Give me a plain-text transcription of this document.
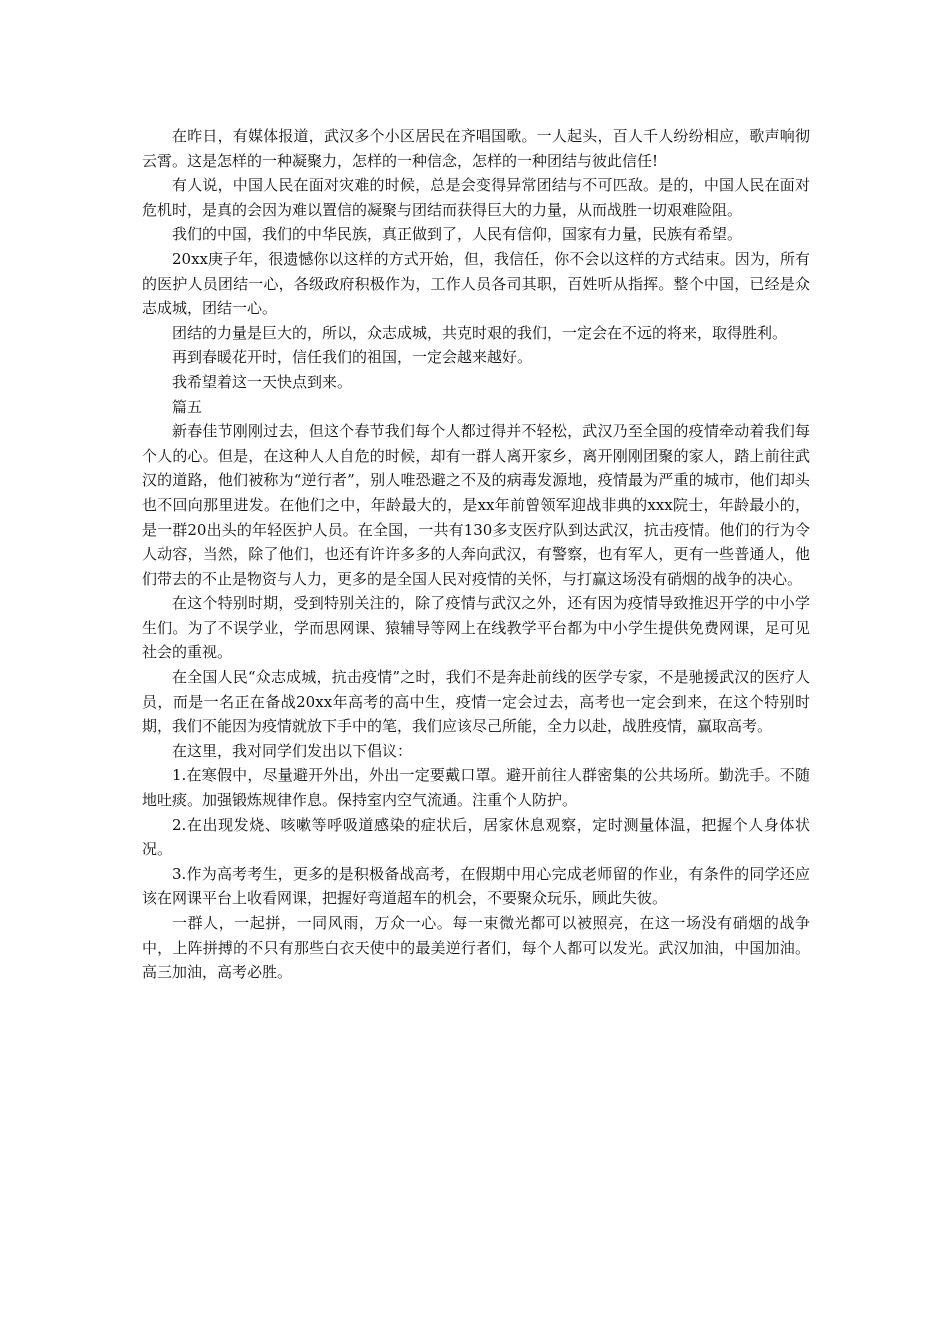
在昨日，有媒体报道，武汉多个小区居民在齐唱国歌。一人起头，百人千人纷纷相应，歌声响彻云霄。这是怎样的一种凝聚力，怎样的一种信念，怎样的一种团结与彼此信任!

有人说，中国人民在面对灾难的时候，总是会变得异常团结与不可匹敌。是的，中国人民在面对危机时，是真的会因为难以置信的凝聚与团结而获得巨大的力量，从而战胜一切艰难险阻。

我们的中国，我们的中华民族，真正做到了，人民有信仰，国家有力量，民族有希望。

20xx庚子年，很遗憾你以这样的方式开始，但，我信任，你不会以这样的方式结束。因为，所有的医护人员团结一心，各级政府积极作为，工作人员各司其职，百姓听从指挥。整个中国，已经是众志成城，团结一心。

团结的力量是巨大的，所以，众志成城，共克时艰的我们，一定会在不远的将来，取得胜利。

再到春暖花开时，信任我们的祖国，一定会越来越好。

我希望着这一天快点到来。

篇五

新春佳节刚刚过去，但这个春节我们每个人都过得并不轻松，武汉乃至全国的疫情牵动着我们每个人的心。但是，在这种人人自危的时候，却有一群人离开家乡，离开刚刚团聚的家人，踏上前往武汉的道路，他们被称为“逆行者”，别人唯恐避之不及的病毒发源地，疫情最为严重的城市，他们却头也不回向那里进发。在他们之中，年龄最大的，是xx年前曾领军迎战非典的xxx院士，年龄最小的，是一群20出头的年轻医护人员。在全国，一共有130多支医疗队到达武汉，抗击疫情。他们的行为令人动容，当然，除了他们，也还有许许多多的人奔向武汉，有警察，也有军人，更有一些普通人，他们带去的不止是物资与人力，更多的是全国人民对疫情的关怀，与打赢这场没有硝烟的战争的决心。

在这个特别时期，受到特别关注的，除了疫情与武汉之外，还有因为疫情导致推迟开学的中小学生们。为了不误学业，学而思网课、猿辅导等网上在线教学平台都为中小学生提供免费网课，足可见社会的重视。

在全国人民“众志成城，抗击疫情”之时，我们不是奔赴前线的医学专家，不是驰援武汉的医疗人员，而是一名正在备战20xx年高考的高中生，疫情一定会过去，高考也一定会到来，在这个特别时期，我们不能因为疫情就放下手中的笔，我们应该尽己所能，全力以赴，战胜疫情，赢取高考。

在这里，我对同学们发出以下倡议：

1.在寒假中，尽量避开外出，外出一定要戴口罩。避开前往人群密集的公共场所。勤洗手。不随地吐痰。加强锻炼规律作息。保持室内空气流通。注重个人防护。

2.在出现发烧、咳嗽等呼吸道感染的症状后，居家休息观察，定时测量体温，把握个人身体状况。

3.作为高考考生，更多的是积极备战高考，在假期中用心完成老师留的作业，有条件的同学还应该在网课平台上收看网课，把握好弯道超车的机会，不要聚众玩乐，顾此失彼。

一群人，一起拼，一同风雨，万众一心。每一束微光都可以被照亮，在这一场没有硝烟的战争中，上阵拼搏的不只有那些白衣天使中的最美逆行者们，每个人都可以发光。武汉加油，中国加油。高三加油，高考必胜。
